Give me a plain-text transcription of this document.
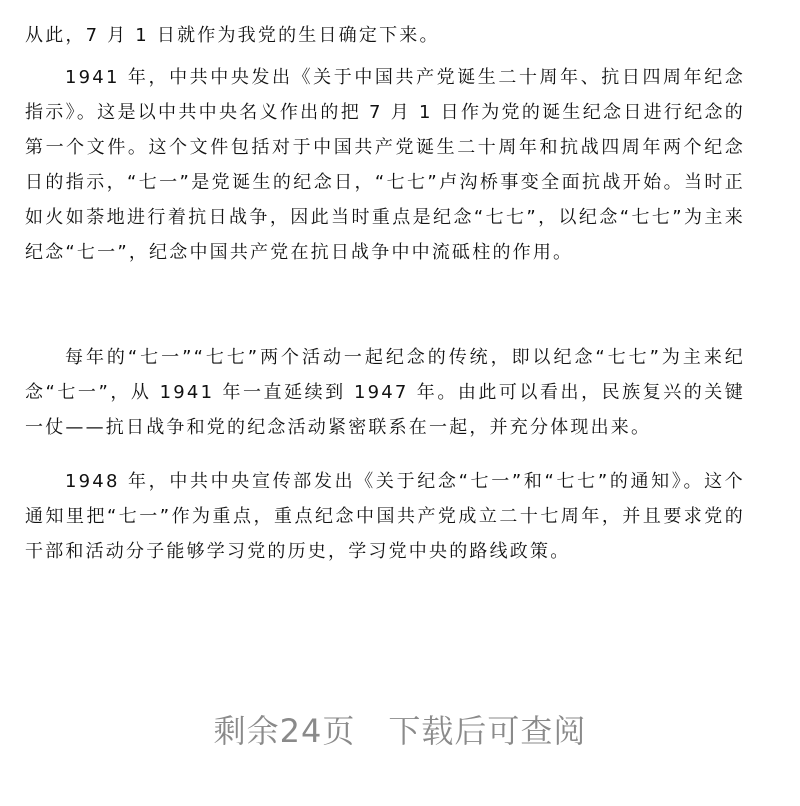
从此，7 月 1 日就作为我党的生日确定下来。

1941 年，中共中央发出《关于中国共产党诞生二十周年、抗日四周年纪念指示》。这是以中共中央名义作出的把 7 月 1 日作为党的诞生纪念日进行纪念的第一个文件。这个文件包括对于中国共产党诞生二十周年和抗战四周年两个纪念日的指示，“七一”是党诞生的纪念日，“七七”卢沟桥事变全面抗战开始。当时正如火如荼地进行着抗日战争，因此当时重点是纪念“七七”，以纪念“七七”为主来纪念“七一”，纪念中国共产党在抗日战争中中流砥柱的作用。

每年的“七一”“七七”两个活动一起纪念的传统，即以纪念“七七”为主来纪念“七一”，从 1941 年一直延续到 1947 年。由此可以看出，民族复兴的关键一仗——抗日战争和党的纪念活动紧密联系在一起，并充分体现出来。

1948 年，中共中央宣传部发出《关于纪念“七一”和“七七”的通知》。这个通知里把“七一”作为重点，重点纪念中国共产党成立二十七周年，并且要求党的干部和活动分子能够学习党的历史，学习党中央的路线政策。

剩余24页　下载后可查阅
